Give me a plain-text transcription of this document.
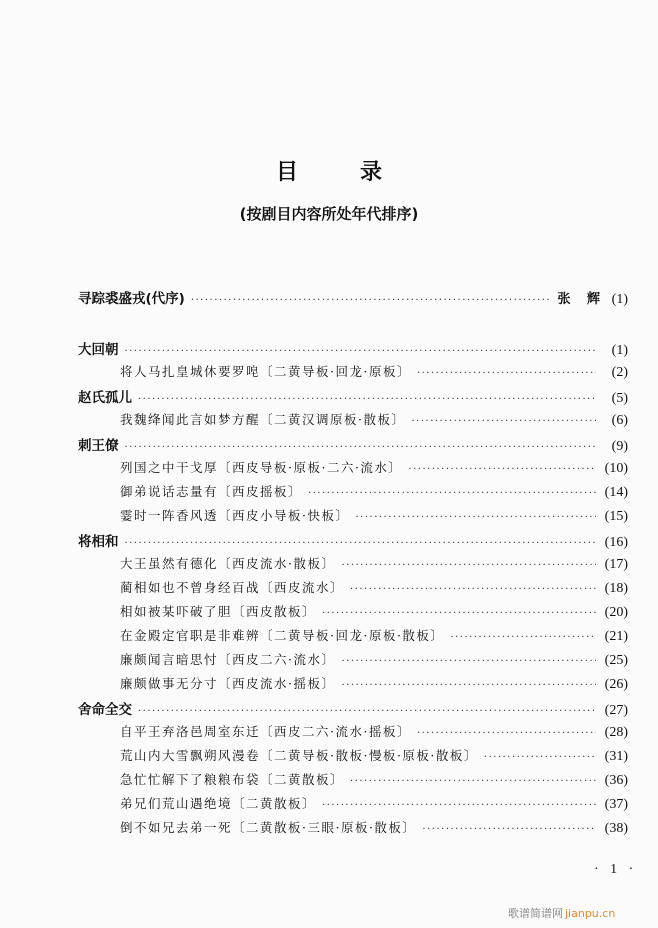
目	录
(按剧目内容所处年代排序)
寻踪裘盛戎(代序) ·····	张 辉 (1)
大回朝 ·····	(1)
将人马扎皇城休要罗唣〔二黄导板·回龙·原板〕 ·····	(2)
赵氏孤儿 ·····	(5)
我魏绛闻此言如梦方醒〔二黄汉调原板·散板〕 ·····	(6)
刺王僚 ·····	(9)
列国之中干戈厚〔西皮导板·原板·二六·流水〕 ·····	(10)
御弟说话志量有〔西皮摇板〕 ·····	(14)
霎时一阵香风透〔西皮小导板·快板〕 ·····	(15)
将相和 ·····	(16)
大王虽然有德化〔西皮流水·散板〕 ·····	(17)
蔺相如也不曾身经百战〔西皮流水〕 ·····	(18)
相如被某吓破了胆〔西皮散板〕 ·····	(20)
在金殿定官职是非难辨〔二黄导板·回龙·原板·散板〕 ·····	(21)
廉颇闻言暗思忖〔西皮二六·流水〕 ·····	(25)
廉颇做事无分寸〔西皮流水·摇板〕 ·····	(26)
舍命全交 ·····	(27)
自平王弃洛邑周室东迁〔西皮二六·流水·摇板〕 ·····	(28)
荒山内大雪飘朔风漫卷〔二黄导板·散板·慢板·原板·散板〕 ·····	(31)
急忙忙解下了粮粮布袋〔二黄散板〕 ·····	(36)
弟兄们荒山遇绝境〔二黄散板〕 ·····	(37)
倒不如兄去弟一死〔二黄散板·三眼·原板·散板〕 ·····	(38)
· 1 ·
歌谱简谱网 jianpu.cn
